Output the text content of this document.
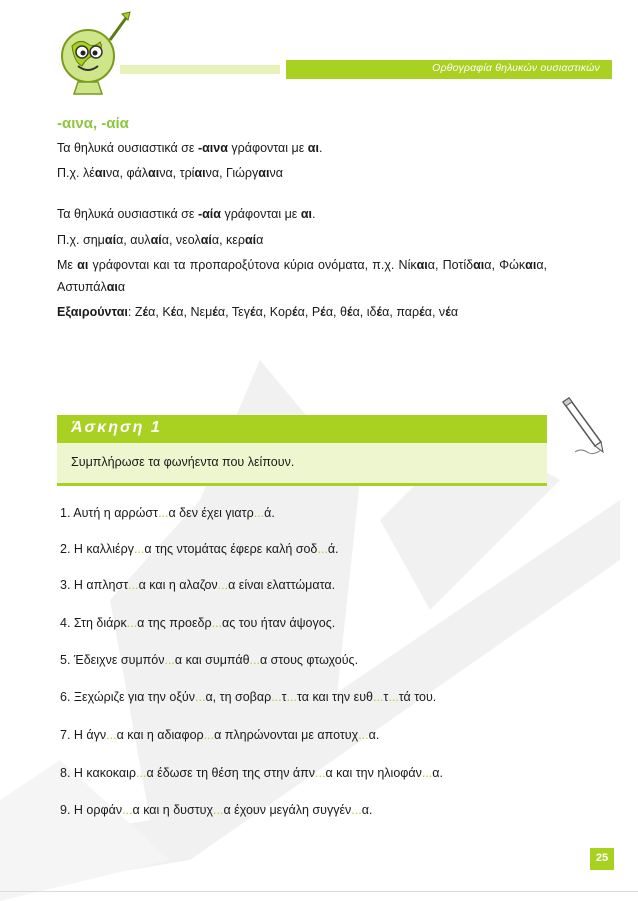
Ορθογραφία θηλυκών ουσιαστικών
-αινα, -αία
Τα θηλυκά ουσιαστικά σε -αινα γράφονται με αι.
Π.χ. λέαινα, φάλαινα, τρίαινα, Γιώργαινα
Τα θηλυκά ουσιαστικά σε -αία γράφονται με αι.
Π.χ. σημαία, αυλαία, νεολαία, κεραία
Με αι γράφονται και τα προπαροξύτονα κύρια ονόματα, π.χ. Νίκαια, Ποτίδαια, Φώκαια, Αστυπάλαια
Εξαιρούνται: Ζέα, Κέα, Νεμέα, Τεγέα, Κορέα, Ρέα, θέα, ιδέα, παρέα, νέα
Άσκηση 1
Συμπλήρωσε τα φωνήεντα που λείπουν.
1. Αυτή η αρρώστ...α δεν έχει γιατρ...ά.
2. Η καλλιέργ...α της ντομάτας έφερε καλή σοδ...ά.
3. Η απληστ...α και η αλαζον...α είναι ελαττώματα.
4. Στη διάρκ...α της προεδρ...ας του ήταν άψογος.
5. Έδειχνε συμπόν...α και συμπάθ...α στους φτωχούς.
6. Ξεχώριζε για την οξύν...α, τη σοβαρ...τ...τα και την ευθ...τ...τά του.
7. Η άγν...α και η αδιαφορ...α πληρώνονται με αποτυχ...α.
8. Η κακοκαιρ...α έδωσε τη θέση της στην άπν...α και την ηλιοφάν...α.
9. Η ορφάν...α και η δυστυχ...α έχουν μεγάλη συγγέν...α.
25
